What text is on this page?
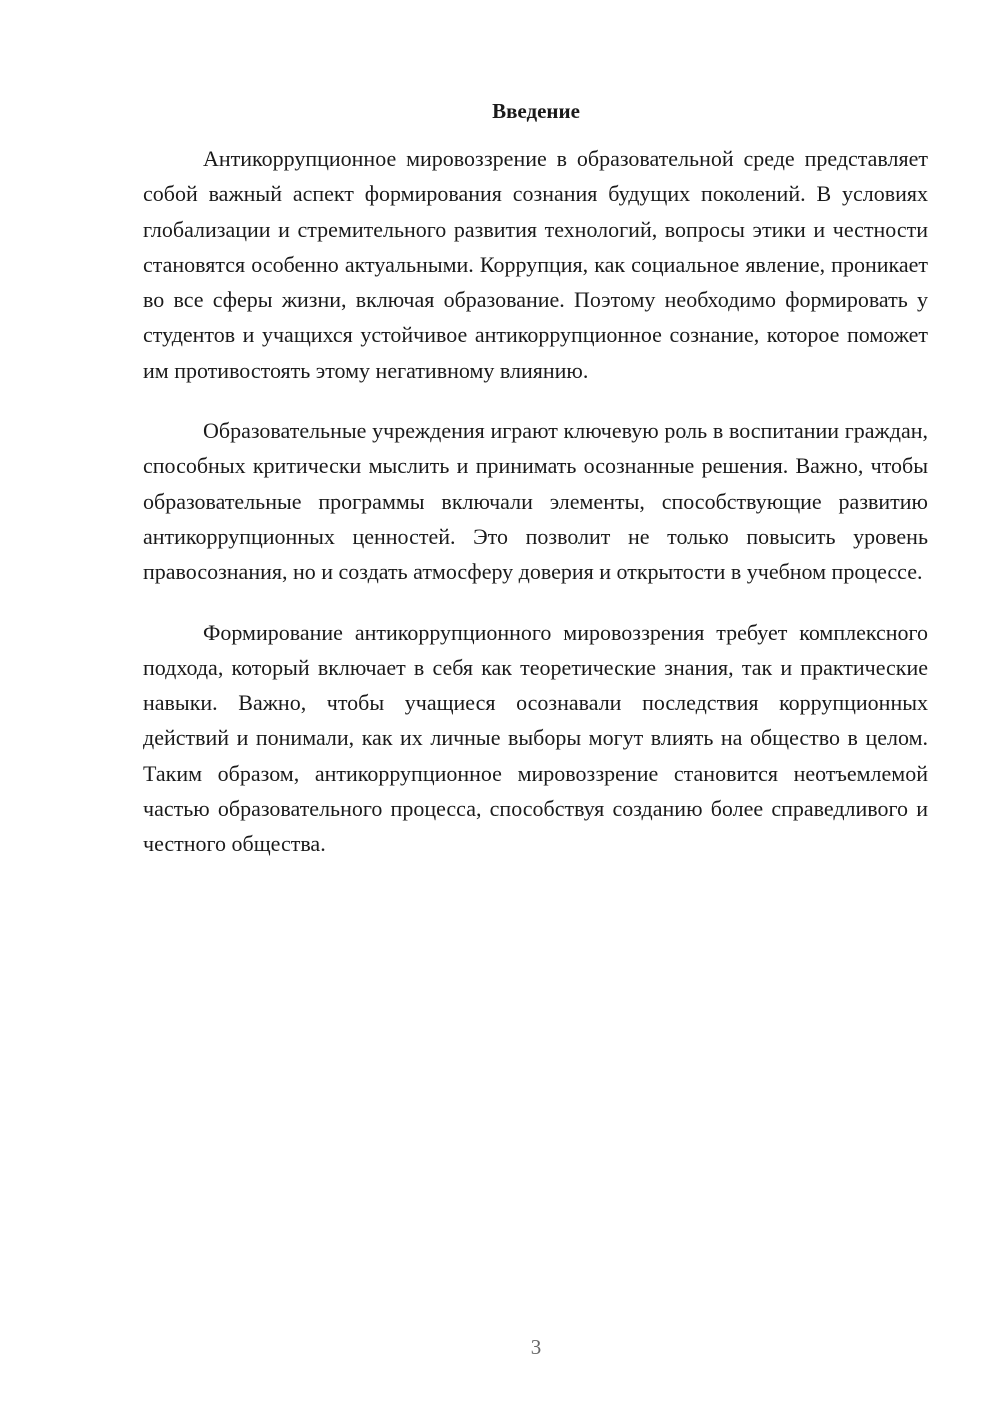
Введение

Антикоррупционное мировоззрение в образовательной среде представляет собой важный аспект формирования сознания будущих поколений. В условиях глобализации и стремительного развития технологий, вопросы этики и честности становятся особенно актуальными. Коррупция, как социальное явление, проникает во все сферы жизни, включая образование. Поэтому необходимо формировать у студентов и учащихся устойчивое антикоррупционное сознание, которое поможет им противостоять этому негативному влиянию.

Образовательные учреждения играют ключевую роль в воспитании граждан, способных критически мыслить и принимать осознанные решения. Важно, чтобы образовательные программы включали элементы, способствующие развитию антикоррупционных ценностей. Это позволит не только повысить уровень правосознания, но и создать атмосферу доверия и открытости в учебном процессе.

Формирование антикоррупционного мировоззрения требует комплексного подхода, который включает в себя как теоретические знания, так и практические навыки. Важно, чтобы учащиеся осознавали последствия коррупционных действий и понимали, как их личные выборы могут влиять на общество в целом. Таким образом, антикоррупционное мировоззрение становится неотъемлемой частью образовательного процесса, способствуя созданию более справедливого и честного общества.

3
